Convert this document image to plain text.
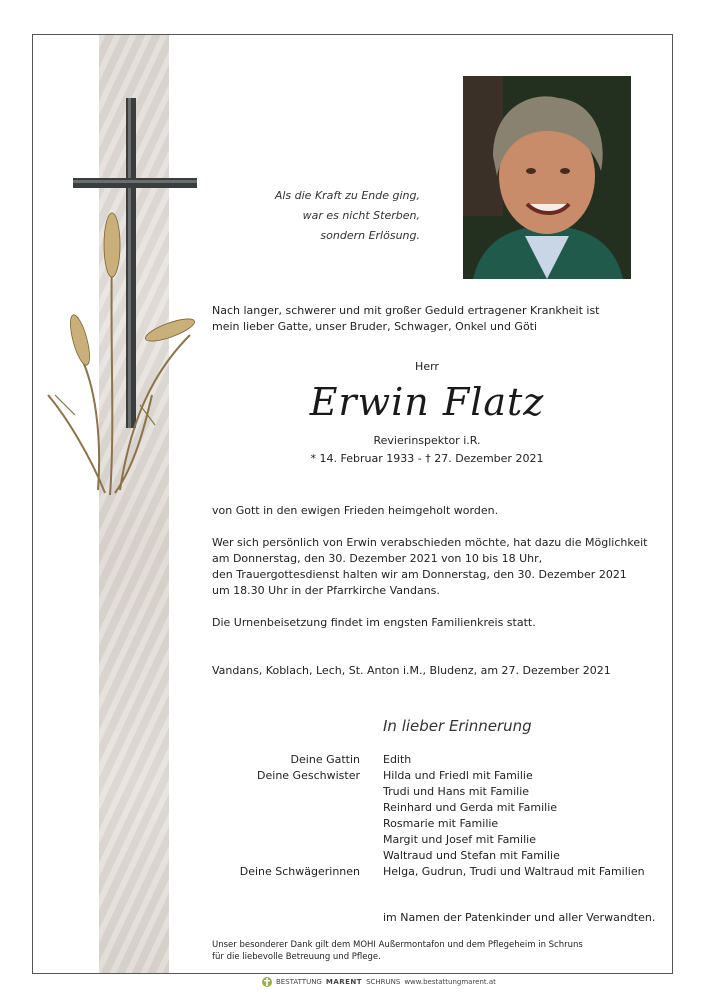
Als die Kraft zu Ende ging,
war es nicht Sterben,
sondern Erlösung.
Nach langer, schwerer und mit großer Geduld ertragener Krankheit ist
mein lieber Gatte, unser Bruder, Schwager, Onkel und Göti
Herr
Erwin Flatz
Revierinspektor i.R.
* 14. Februar 1933 - † 27. Dezember 2021
von Gott in den ewigen Frieden heimgeholt worden.
Wer sich persönlich von Erwin verabschieden möchte, hat dazu die Möglichkeit
am Donnerstag, den 30. Dezember 2021 von 10 bis 18 Uhr,
den Trauergottesdienst halten wir am Donnerstag, den 30. Dezember 2021
um 18.30 Uhr in der Pfarrkirche Vandans.
Die Urnenbeisetzung findet im engsten Familienkreis statt.
Vandans, Koblach, Lech, St. Anton i.M., Bludenz, am 27. Dezember 2021
In lieber Erinnerung
Deine Gattin Edith
Deine Geschwister Hilda und Friedl mit Familie
Trudi und Hans mit Familie
Reinhard und Gerda mit Familie
Rosmarie mit Familie
Margit und Josef mit Familie
Waltraud und Stefan mit Familie
Deine Schwägerinnen Helga, Gudrun, Trudi und Waltraud mit Familien
im Namen der Patenkinder und aller Verwandten.
Unser besonderer Dank gilt dem MOHI Außermontafon und dem Pflegeheim in Schruns
für die liebevolle Betreuung und Pflege.
BESTATTUNG MARENT SCHRUNS www.bestattungmarent.at
